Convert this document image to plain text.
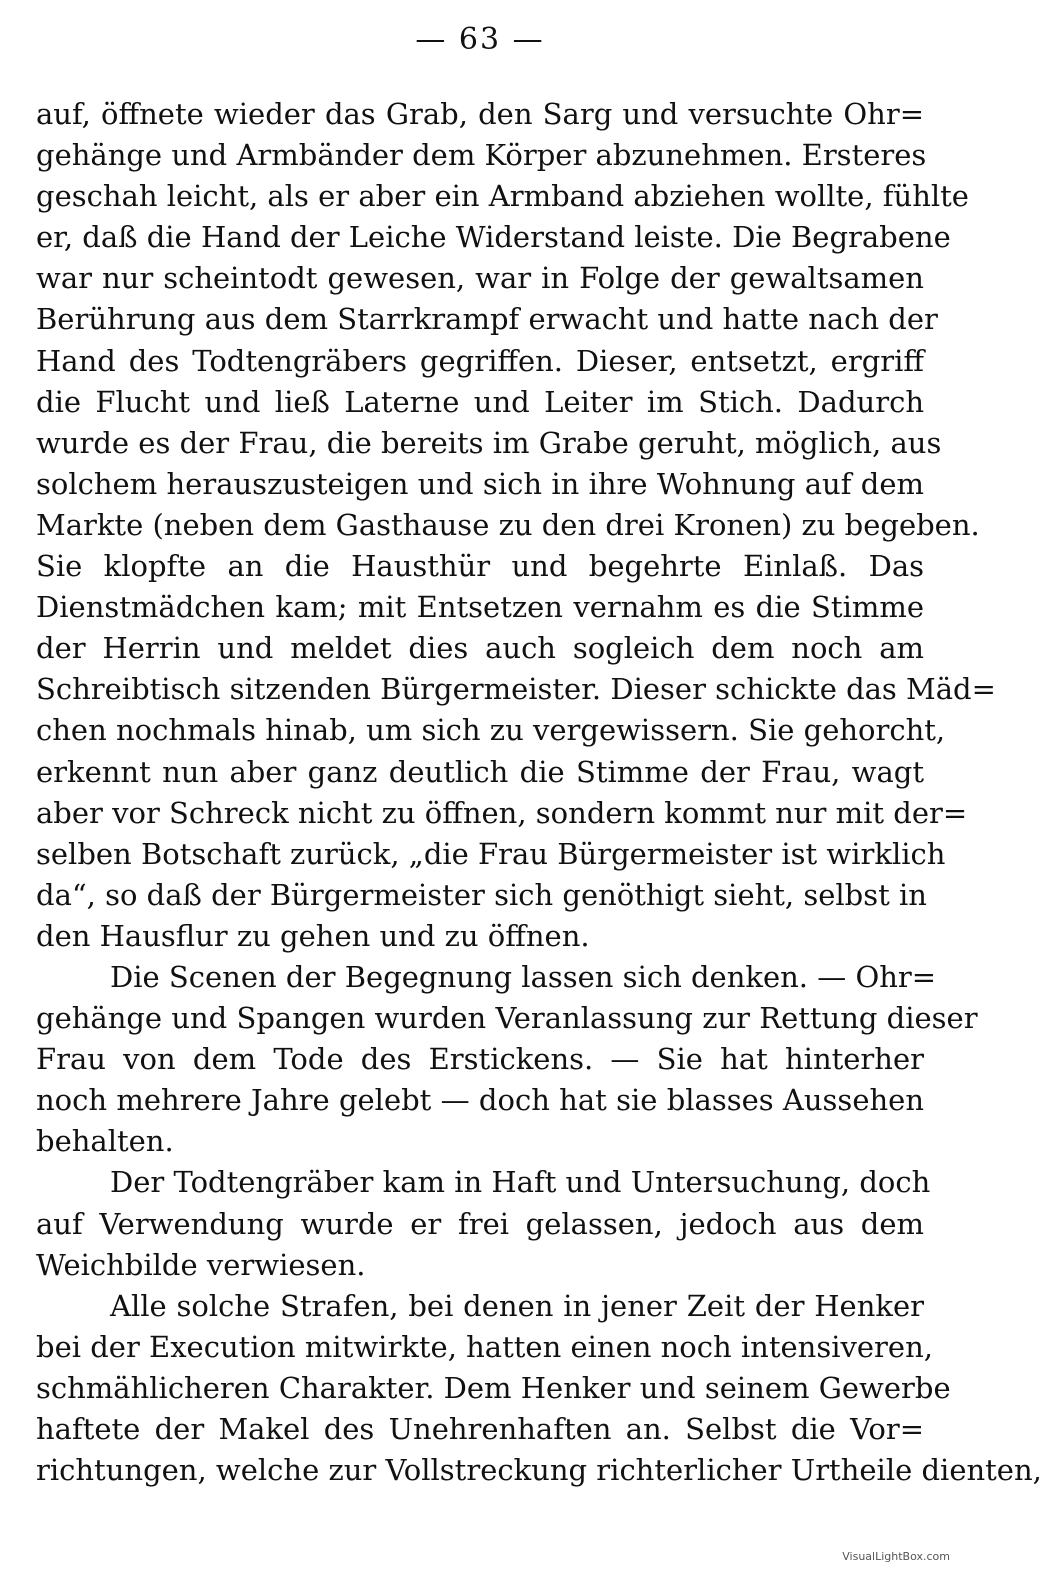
— 63 —
auf, öffnete wieder das Grab, den Sarg und versuchte Ohr=
gehänge und Armbänder dem Körper abzunehmen. Ersteres
geschah leicht, als er aber ein Armband abziehen wollte, fühlte
er, daß die Hand der Leiche Widerstand leiste. Die Begrabene
war nur scheintodt gewesen, war in Folge der gewaltsamen
Berührung aus dem Starrkrampf erwacht und hatte nach der
Hand des Todtengräbers gegriffen. Dieser, entsetzt, ergriff
die Flucht und ließ Laterne und Leiter im Stich. Dadurch
wurde es der Frau, die bereits im Grabe geruht, möglich, aus
solchem herauszusteigen und sich in ihre Wohnung auf dem
Markte (neben dem Gasthause zu den drei Kronen) zu begeben.
Sie klopfte an die Hausthür und begehrte Einlaß. Das
Dienstmädchen kam; mit Entsetzen vernahm es die Stimme
der Herrin und meldet dies auch sogleich dem noch am
Schreibtisch sitzenden Bürgermeister. Dieser schickte das Mäd=
chen nochmals hinab, um sich zu vergewissern. Sie gehorcht,
erkennt nun aber ganz deutlich die Stimme der Frau, wagt
aber vor Schreck nicht zu öffnen, sondern kommt nur mit der=
selben Botschaft zurück, „die Frau Bürgermeister ist wirklich
da“, so daß der Bürgermeister sich genöthigt sieht, selbst in
den Hausflur zu gehen und zu öffnen.
Die Scenen der Begegnung lassen sich denken. — Ohr=
gehänge und Spangen wurden Veranlassung zur Rettung dieser
Frau von dem Tode des Erstickens. — Sie hat hinterher
noch mehrere Jahre gelebt — doch hat sie blasses Aussehen
behalten.
Der Todtengräber kam in Haft und Untersuchung, doch
auf Verwendung wurde er frei gelassen, jedoch aus dem
Weichbilde verwiesen.
Alle solche Strafen, bei denen in jener Zeit der Henker
bei der Execution mitwirkte, hatten einen noch intensiveren,
schmählicheren Charakter. Dem Henker und seinem Gewerbe
haftete der Makel des Unehrenhaften an. Selbst die Vor=
richtungen, welche zur Vollstreckung richterlicher Urtheile dienten,
VisualLightBox.com
